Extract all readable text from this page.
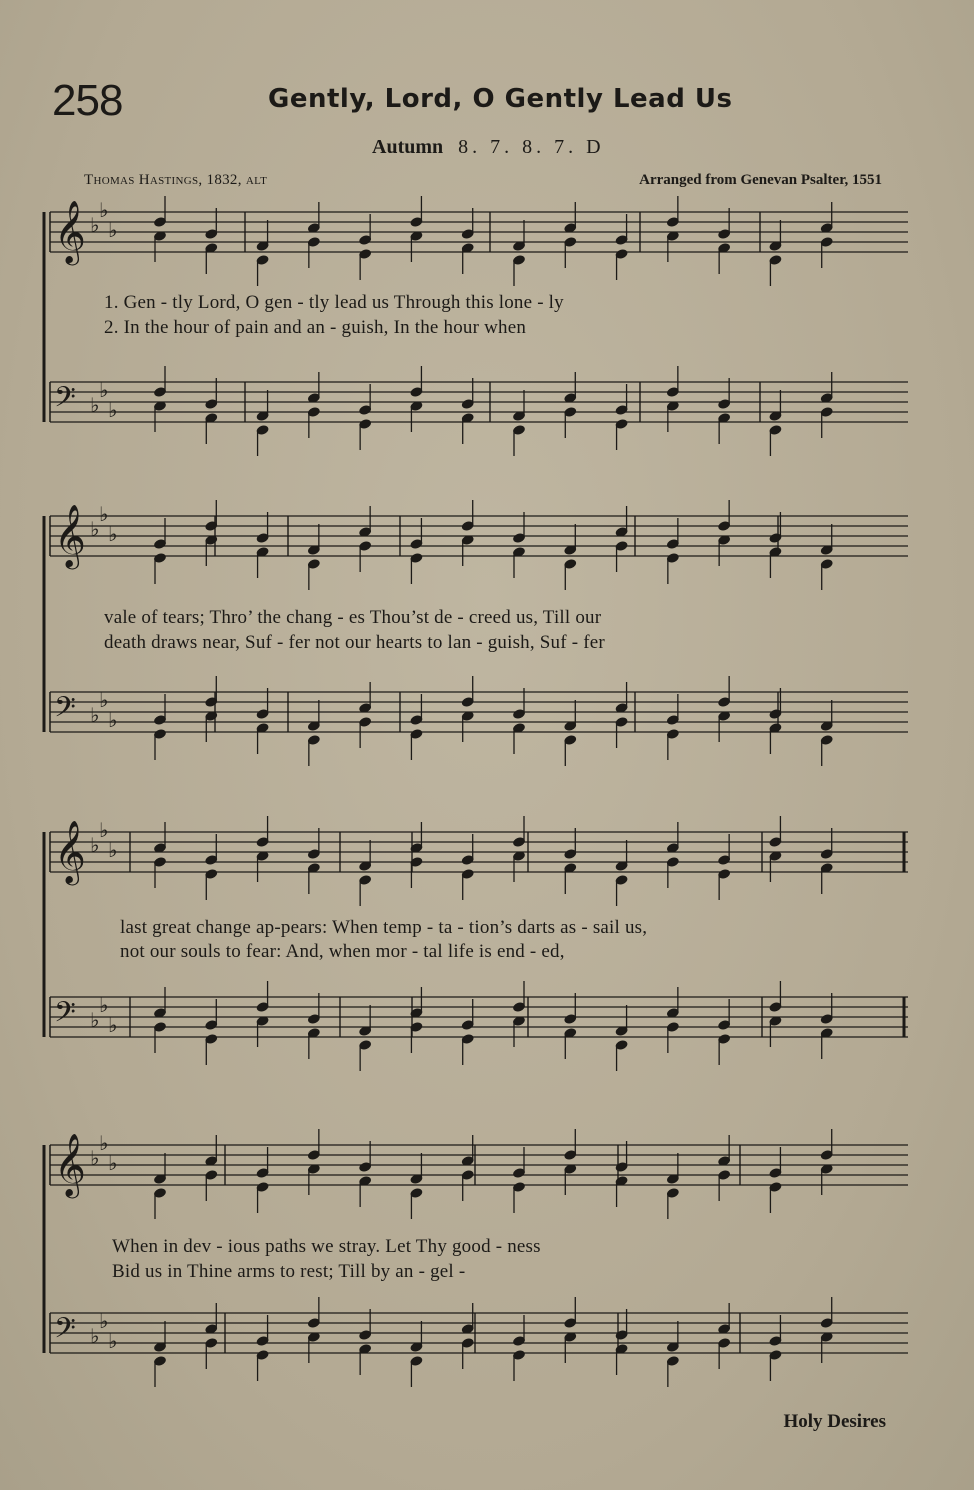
258	Gently, Lord, O Gently Lead Us
Autumn 8. 7. 8. 7. D
Thomas Hastings, 1832, alt	Arranged from Genevan Psalter, 1551
𝄞 ♭
♭
♭
𝄢 ♭
♭
♭
𝄞 ♭
♭
♭
𝄢 ♭
♭
♭
𝄞 ♭
♭
♭
𝄢 ♭
♭
♭
𝄞 ♭
♭
♭
𝄢 ♭
♭
♭
1. Gen - tly Lord, O gen - tly lead us Through this lone - ly
2. In the hour of pain and an - guish, In the hour when
vale of tears; Thro’ the chang - es Thou’st de - creed us, Till our
death draws near, Suf - fer not our hearts to lan - guish, Suf - fer
last great change ap-pears: When temp - ta - tion’s darts as - sail us,
not our souls to fear: And, when mor - tal life is end - ed,
When in dev - ious paths we stray. Let Thy good - ness
Bid us in Thine arms to rest; Till by an - gel -
Holy Desires
